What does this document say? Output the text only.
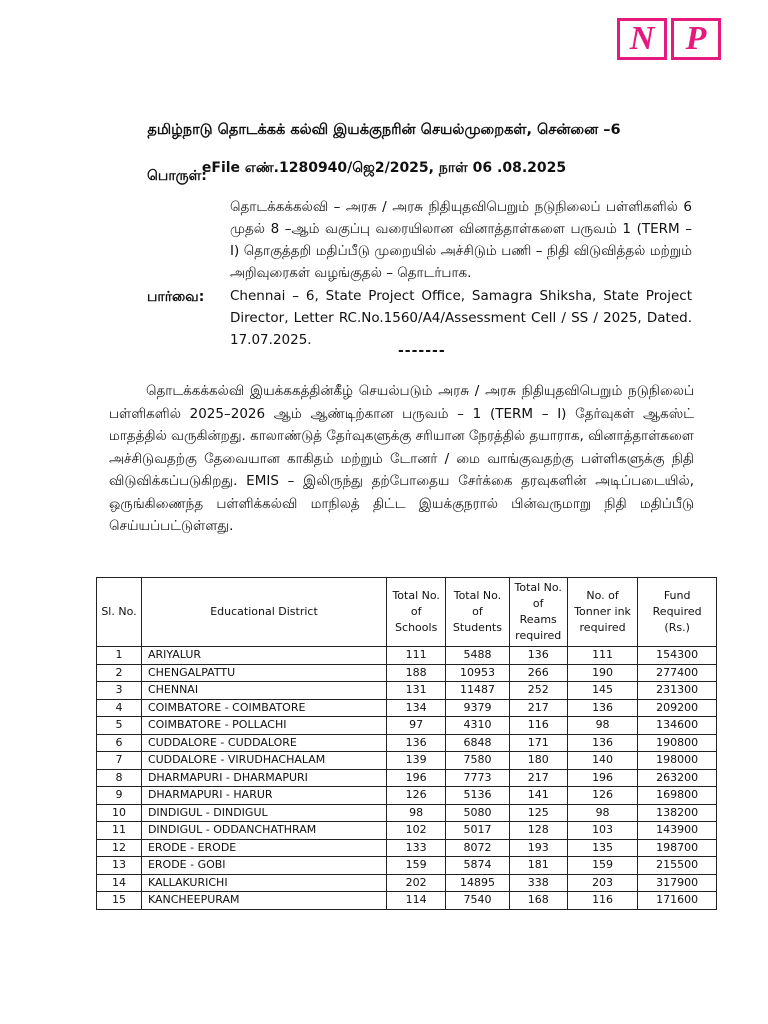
N P
தமிழ்நாடு தொடக்கக் கல்வி இயக்குநரின் செயல்முறைகள், சென்னை –6
eFile எண்.1280940/ஜெ2/2025, நாள் 06 .08.2025
பொருள்:
தொடக்கக்கல்வி – அரசு / அரசு நிதியுதவிபெறும் நடுநிலைப் பள்ளிகளில் 6 முதல் 8 –ஆம் வகுப்பு வரையிலான வினாத்தாள்களை பருவம் 1 (TERM – I) தொகுத்தறி மதிப்பீடு முறையில் அச்சிடும் பணி – நிதி விடுவித்தல் மற்றும் அறிவுரைகள் வழங்குதல் – தொடர்பாக.
பார்வை: Chennai – 6, State Project Office, Samagra Shiksha, State Project Director, Letter RC.No.1560/A4/Assessment Cell / SS / 2025, Dated. 17.07.2025.
-------
தொடக்கக்கல்வி இயக்ககத்தின்கீழ் செயல்படும் அரசு / அரசு நிதியுதவிபெறும் நடுநிலைப் பள்ளிகளில் 2025–2026 ஆம் ஆண்டிற்கான பருவம் – 1 (TERM – I) தேர்வுகள் ஆகஸ்ட் மாதத்தில் வருகின்றது. காலாண்டுத் தேர்வுகளுக்கு சரியான நேரத்தில் தயாராக, வினாத்தாள்களை அச்சிடுவதற்கு தேவையான காகிதம் மற்றும் டோனர் / மை வாங்குவதற்கு பள்ளிகளுக்கு நிதி விடுவிக்கப்படுகிறது. EMIS – இலிருந்து தற்போதைய சேர்க்கை தரவுகளின் அடிப்படையில், ஒருங்கிணைந்த பள்ளிக்கல்வி மாநிலத் திட்ட இயக்குநரால் பின்வருமாறு நிதி மதிப்பீடு செய்யப்பட்டுள்ளது.
Sl. No.	Educational District	Total No. of Schools	Total No. of Students	Total No. of Reams required	No. of Tonner ink required	Fund Required (Rs.)
1	ARIYALUR	111	5488	136	111	154300
2	CHENGALPATTU	188	10953	266	190	277400
3	CHENNAI	131	11487	252	145	231300
4	COIMBATORE - COIMBATORE	134	9379	217	136	209200
5	COIMBATORE - POLLACHI	97	4310	116	98	134600
6	CUDDALORE - CUDDALORE	136	6848	171	136	190800
7	CUDDALORE - VIRUDHACHALAM	139	7580	180	140	198000
8	DHARMAPURI - DHARMAPURI	196	7773	217	196	263200
9	DHARMAPURI - HARUR	126	5136	141	126	169800
10	DINDIGUL - DINDIGUL	98	5080	125	98	138200
11	DINDIGUL - ODDANCHATHRAM	102	5017	128	103	143900
12	ERODE - ERODE	133	8072	193	135	198700
13	ERODE - GOBI	159	5874	181	159	215500
14	KALLAKURICHI	202	14895	338	203	317900
15	KANCHEEPURAM	114	7540	168	116	171600
